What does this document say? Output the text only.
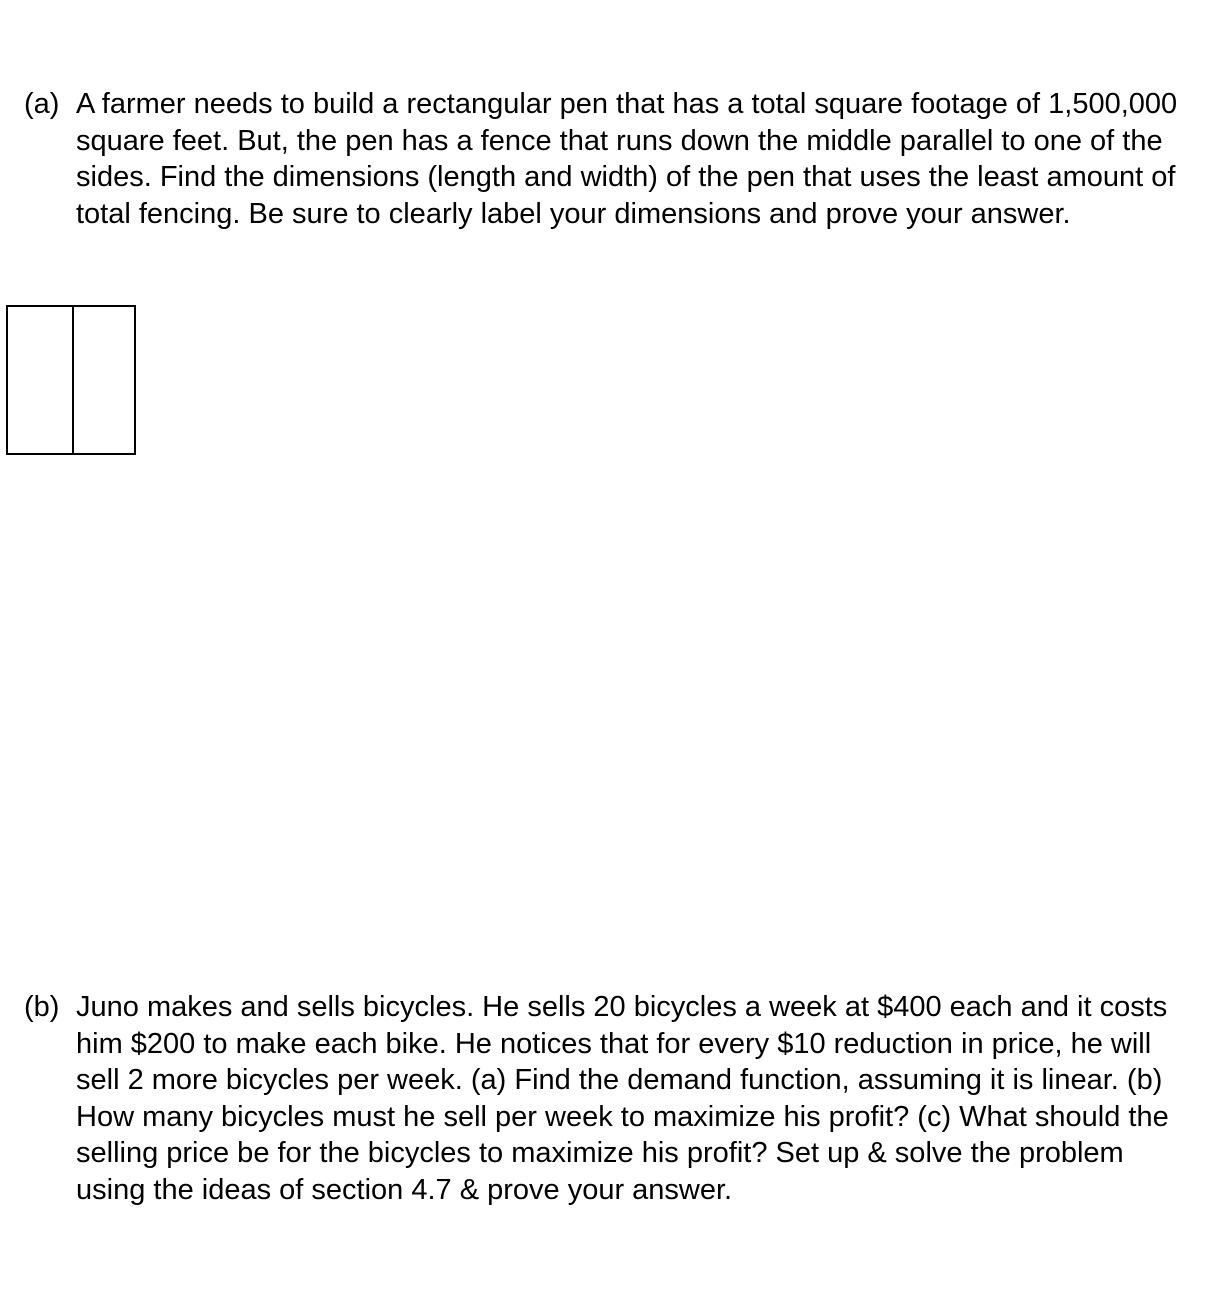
(a) A farmer needs to build a rectangular pen that has a total square footage of 1,500,000 square feet. But, the pen has a fence that runs down the middle parallel to one of the sides. Find the dimensions (length and width) of the pen that uses the least amount of total fencing. Be sure to clearly label your dimensions and prove your answer.
(b) Juno makes and sells bicycles. He sells 20 bicycles a week at $400 each and it costs him $200 to make each bike. He notices that for every $10 reduction in price, he will sell 2 more bicycles per week. (a) Find the demand function, assuming it is linear. (b) How many bicycles must he sell per week to maximize his profit? (c) What should the selling price be for the bicycles to maximize his profit? Set up & solve the problem using the ideas of section 4.7 & prove your answer.
